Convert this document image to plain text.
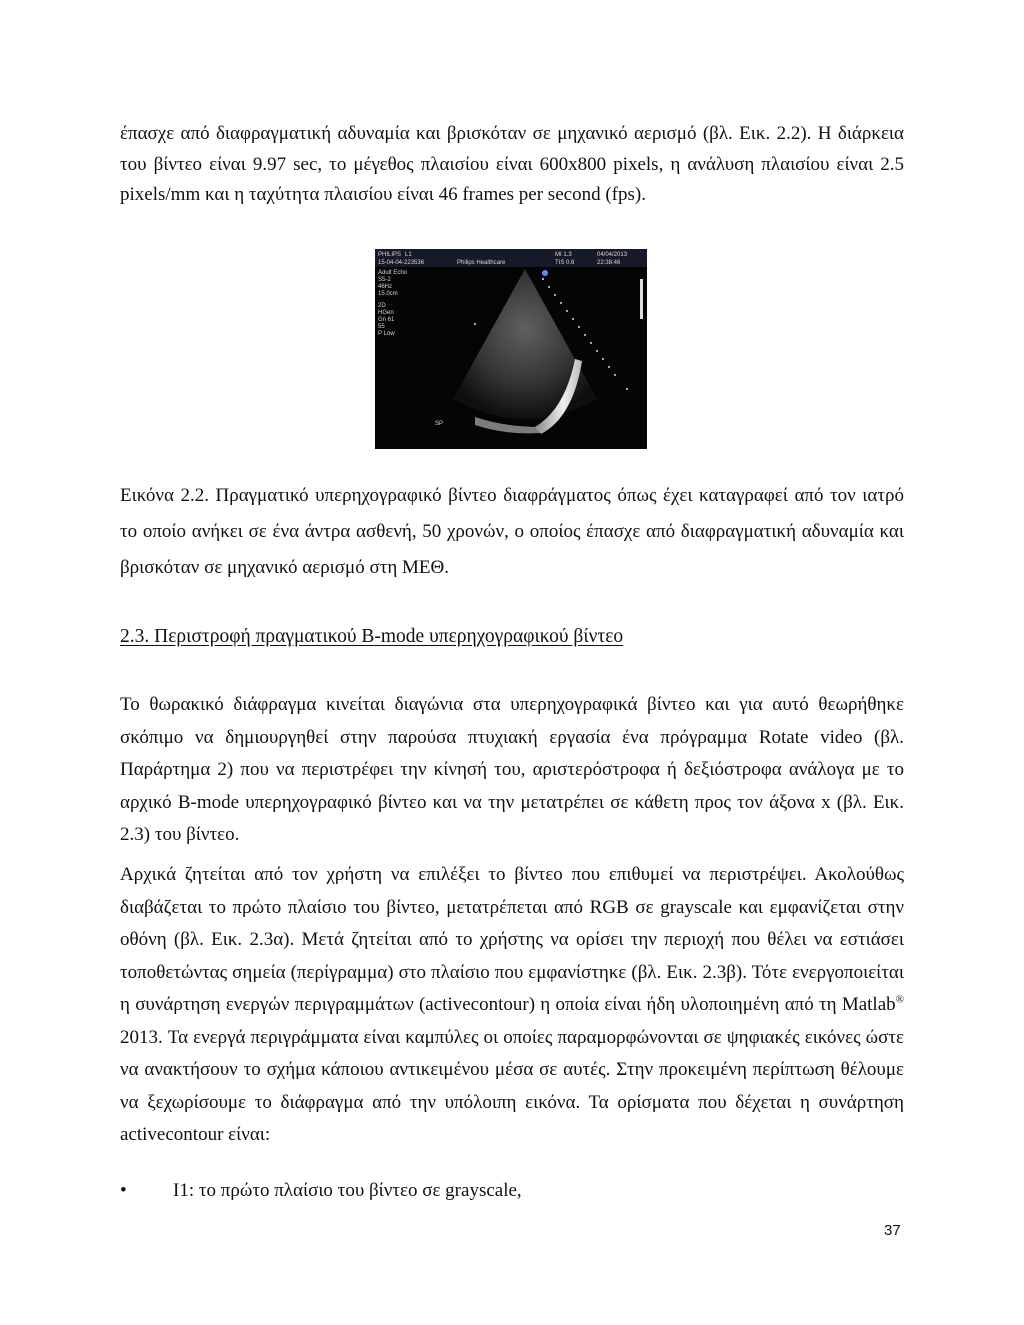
έπασχε από διαφραγματική αδυναμία και βρισκόταν σε μηχανικό αερισμό (βλ. Εικ. 2.2). Η διάρκεια του βίντεο είναι 9.97 sec, το μέγεθος πλαισίου είναι 600x800 pixels, η ανάλυση πλαισίου είναι 2.5 pixels/mm και η ταχύτητα πλαισίου είναι 46 frames per second (fps).

PHILIPS L1	MI 1.3	04/04/2013
15-04-04-223536	Philips Healthcare	TIS 0.6	22:38:46
Adult Echo
S5-2
46Hz
15.0cm
2D
HGen
Gn 61
55
P Low
SP

Εικόνα 2.2. Πραγματικό υπερηχογραφικό βίντεο διαφράγματος όπως έχει καταγραφεί από τον ιατρό το οποίο ανήκει σε ένα άντρα ασθενή, 50 χρονών, ο οποίος έπασχε από διαφραγματική αδυναμία και βρισκόταν σε μηχανικό αερισμό στη ΜΕΘ.

2.3. Περιστροφή πραγματικού B-mode υπερηχογραφικού βίντεο

Το θωρακικό διάφραγμα κινείται διαγώνια στα υπερηχογραφικά βίντεο και για αυτό θεωρήθηκε σκόπιμο να δημιουργηθεί στην παρούσα πτυχιακή εργασία ένα πρόγραμμα Rotate video (βλ. Παράρτημα 2) που να περιστρέφει την κίνησή του, αριστερόστροφα ή δεξιόστροφα ανάλογα με το αρχικό B-mode υπερηχογραφικό βίντεο και να την μετατρέπει σε κάθετη προς τον άξονα x (βλ. Εικ. 2.3) του βίντεο.

Αρχικά ζητείται από τον χρήστη να επιλέξει το βίντεο που επιθυμεί να περιστρέψει. Ακολούθως διαβάζεται το πρώτο πλαίσιο του βίντεο, μετατρέπεται από RGB σε grayscale και εμφανίζεται στην οθόνη (βλ. Εικ. 2.3α). Μετά ζητείται από το χρήστης να ορίσει την περιοχή που θέλει να εστιάσει τοποθετώντας σημεία (περίγραμμα) στο πλαίσιο που εμφανίστηκε (βλ. Εικ. 2.3β). Τότε ενεργοποιείται η συνάρτηση ενεργών περιγραμμάτων (activecontour) η οποία είναι ήδη υλοποιημένη από τη Matlab® 2013. Τα ενεργά περιγράμματα είναι καμπύλες οι οποίες παραμορφώνονται σε ψηφιακές εικόνες ώστε να ανακτήσουν το σχήμα κάποιου αντικειμένου μέσα σε αυτές. Στην προκειμένη περίπτωση θέλουμε να ξεχωρίσουμε το διάφραγμα από την υπόλοιπη εικόνα. Τα ορίσματα που δέχεται η συνάρτηση activecontour είναι:

• I1: το πρώτο πλαίσιο του βίντεο σε grayscale,
37
